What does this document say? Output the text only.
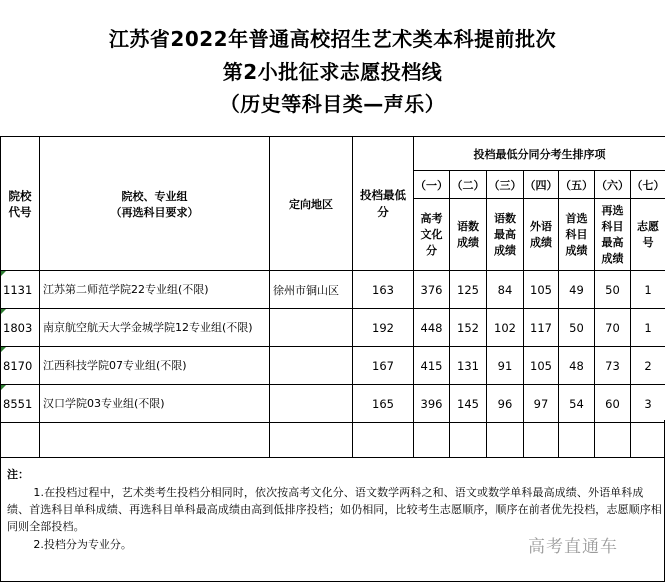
江苏省2022年普通高校招生艺术类本科提前批次
第2小批征求志愿投档线
（历史等科目类—声乐）
院校代号	院校、专业组
（再选科目要求）	定向地区	投档最低分	投档最低分同分考生排序项						
				（一）	（二）	（三）	（四）	（五）	（六）	（七）

				高考文化分	语数成绩	语数最高成绩	外语成绩	首选科目成绩	再选科目最高成绩	志愿号

1131	江苏第二师范学院22专业组(不限)	徐州市铜山区	163	376	125	84	105	49	50	1
1803	南京航空航天大学金城学院12专业组(不限)		192	448	152	102	117	50	70	1
8170	江西科技学院07专业组(不限)		167	415	131	91	105	48	73	2
8551	汉口学院03专业组(不限)		165	396	145	96	97	54	60	3

注：
1.在投档过程中，艺术类考生投档分相同时，依次按高考文化分、语文数学两科之和、语文或数学单科最高成绩、外语单科成绩、首选科目单科成绩、再选科目单科最高成绩由高到低排序投档；如仍相同，比较考生志愿顺序，顺序在前者优先投档，志愿顺序相同则全部投档。
2.投档分为专业分。	高考直通车
